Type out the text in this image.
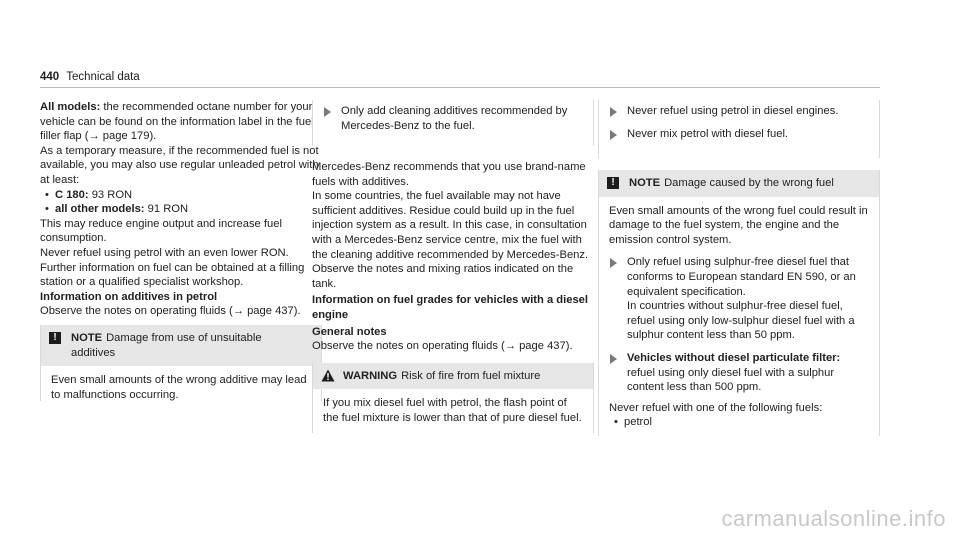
440 Technical data

All models: the recommended octane number for your vehicle can be found on the information label in the fuel filler flap (→ page 179).

As a temporary measure, if the recommended fuel is not available, you may also use regular unleaded petrol with at least:

• C 180: 93 RON
• all other models: 91 RON

This may reduce engine output and increase fuel consumption.

Never refuel using petrol with an even lower RON.

Further information on fuel can be obtained at a filling station or a qualified specialist workshop.

Information on additives in petrol

Observe the notes on operating fluids (→ page 437).

! NOTE Damage from use of unsuitable additives
Even small amounts of the wrong additive may lead to malfunctions occurring.
Only add cleaning additives recommended by Mercedes-Benz to the fuel.

Mercedes-Benz recommends that you use brand-name fuels with additives.

In some countries, the fuel available may not have sufficient additives. Residue could build up in the fuel injection system as a result. In this case, in consultation with a Mercedes-Benz service centre, mix the fuel with the cleaning additive recommended by Mercedes-Benz. Observe the notes and mixing ratios indicated on the tank.

Information on fuel grades for vehicles with a diesel engine

General notes

Observe the notes on operating fluids (→ page 437).

WARNING Risk of fire from fuel mixture
If you mix diesel fuel with petrol, the flash point of the fuel mixture is lower than that of pure diesel fuel.
Never refuel using petrol in diesel engines.
Never mix petrol with diesel fuel.
! NOTE Damage caused by the wrong fuel

Even small amounts of the wrong fuel could result in damage to the fuel system, the engine and the emission control system.

Only refuel using sulphur-free diesel fuel that conforms to European standard EN 590, or an equivalent specification.
In countries without sulphur-free diesel fuel, refuel using only low-sulphur diesel fuel with a sulphur content less than 50 ppm.
Vehicles without diesel particulate filter: refuel using only diesel fuel with a sulphur content less than 500 ppm.

Never refuel with one of the following fuels:

• petrol
carmanualsonline.info
